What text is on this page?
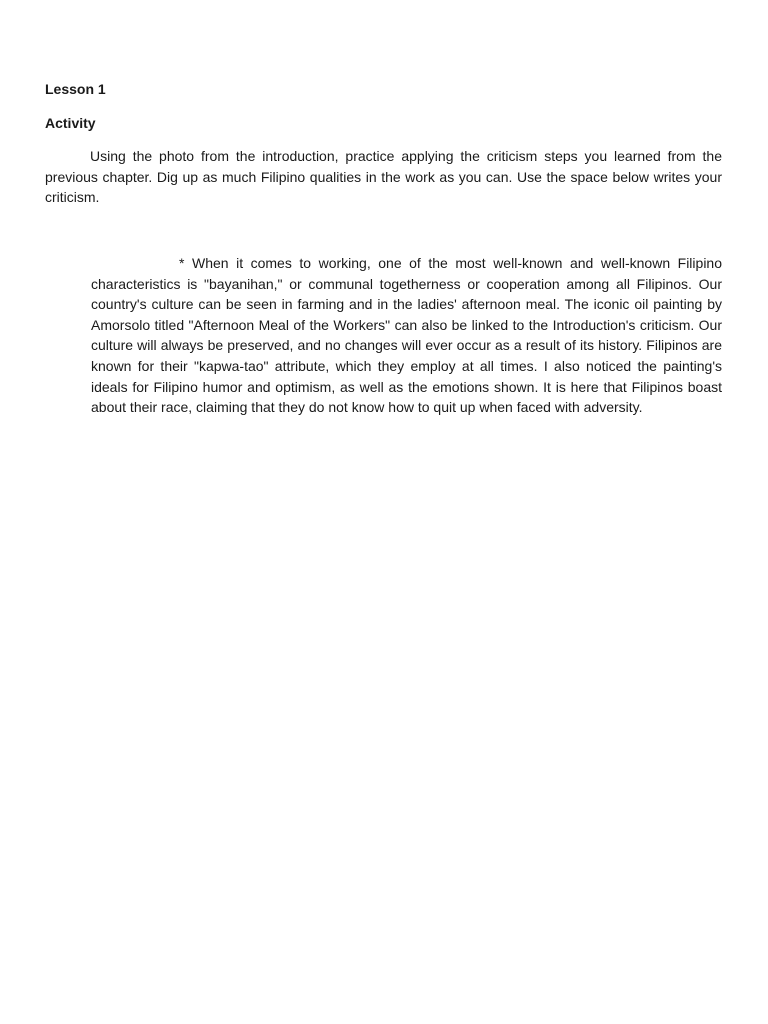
Lesson 1
Activity

Using the photo from the introduction, practice applying the criticism steps you learned from the previous chapter. Dig up as much Filipino qualities in the work as you can. Use the space below writes your criticism.

* When it comes to working, one of the most well-known and well-known Filipino characteristics is "bayanihan," or communal togetherness or cooperation among all Filipinos. Our country's culture can be seen in farming and in the ladies' afternoon meal. The iconic oil painting by Amorsolo titled "Afternoon Meal of the Workers" can also be linked to the Introduction's criticism. Our culture will always be preserved, and no changes will ever occur as a result of its history. Filipinos are known for their "kapwa-tao" attribute, which they employ at all times. I also noticed the painting's ideals for Filipino humor and optimism, as well as the emotions shown. It is here that Filipinos boast about their race, claiming that they do not know how to quit up when faced with adversity.
